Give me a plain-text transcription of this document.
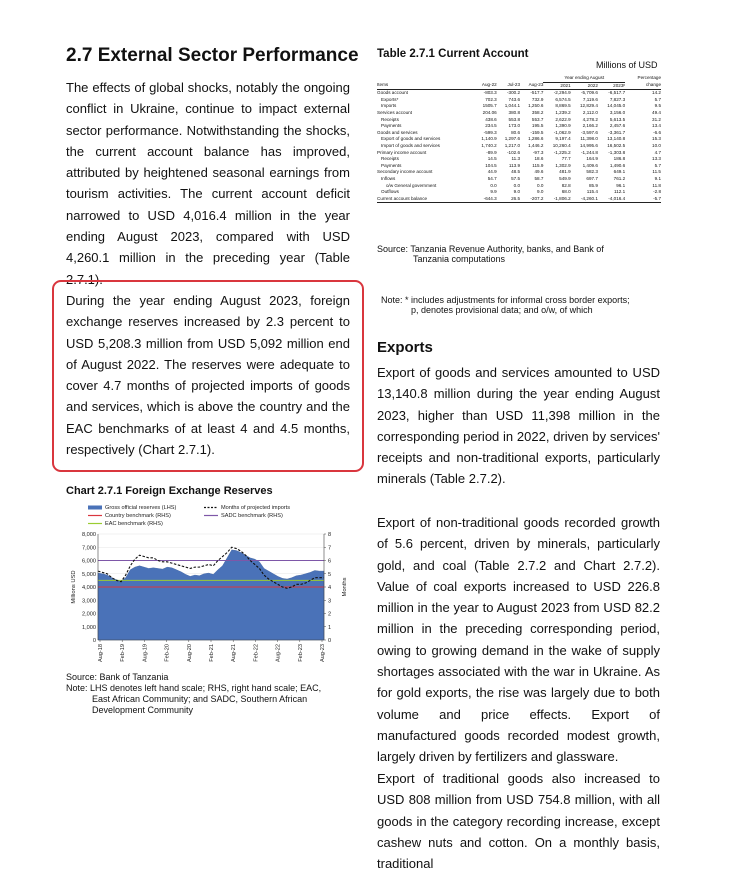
2.7 External Sector Performance

The effects of global shocks, notably the ongoing conflict in Ukraine, continue to impact external sector performance. Notwithstanding the shocks, the current account balance has improved, attributed by heightened seasonal earnings from tourism activities. The current account deficit narrowed to USD 4,016.4 million in the year ending August 2023, compared with USD 4,260.1 million in the preceding year (Table 2.7.1).

During the year ending August 2023, foreign exchange reserves increased by 2.3 percent to USD 5,208.3 million from USD 5,092 million end of August 2022. The reserves were adequate to cover 4.7 months of projected imports of goods and services, which is above the country and the EAC benchmarks of at least 4 and 4.5 months, respectively (Chart 2.7.1).

Chart 2.7.1 Foreign Exchange Reserves
Gross official reserves (LHS)	Months of projected imports
Country benchmark (RHS)	SADC benchmark (RHS)
EAC benchmark (RHS)
0
1,000
2,000
3,000
4,000
5,000
6,000
7,000
8,000
0
1
2
3
4
5
6
7
8
Aug-18	Feb-19	Aug-19	Feb-20	Aug-20	Feb-21	Aug-21	Feb-22	Aug-22	Feb-23	Aug-23
Millions USD	Months
Source: Bank of Tanzania
Note: LHS denotes left hand scale; RHS, right hand scale; EAC,
East African Community; and SADC, Southern African
Development Community
Table 2.7.1 Current Account
Millions of USD
				Year ending August			Percentage
Items	Aug-22	Jul-23	Aug-23	2021	2022	2023ᵖ	change
Goods account	-803.3	-300.2	-517.7	-2,294.9	-5,709.6	-6,517.7	14.2
Exports*	702.3	743.6	732.9	6,574.5	7,119.6	7,827.3	5.7
Imports	1505.7	1,044.1	1,250.6	8,869.5	12,829.4	14,045.0	9.5
Services account	204.06	380.8	358.2	1,239.2	2,112.0	3,156.0	49.4
Receipts	438.6	553.8	553.7	2,622.9	4,278.2	5,613.5	31.2
Payments	234.5	173.0	195.5	1,390.9	2,166.2	2,457.6	13.4
Goods and services	-599.3	80.6	-159.5	-1,062.9	-3,597.6	-3,361.7	-6.6
Export of goods and services	1,140.9	1,297.6	1,286.6	9,197.4	11,398.0	13,140.8	15.3
Import of goods and services	1,740.2	1,217.0	1,446.2	10,260.4	14,995.6	16,502.5	10.0
Primary income account	-89.9	-102.6	-97.3	-1,225.2	-1,244.8	-1,303.8	4.7
Receipts	14.5	11.3	18.6	77.7	164.9	186.8	13.3
Payments	104.5	113.9	115.9	1,302.9	1,409.6	1,490.6	5.7
Secondary income account	44.9	48.5	49.6	481.9	582.3	649.1	11.5
Inflows	54.7	57.5	58.7	549.9	697.7	761.2	9.1
o/w General government	0.0	0.0	0.0	82.8	85.9	96.1	11.8
Outflows	9.9	9.0	9.0	68.0	115.4	112.1	-2.8
Current account balance	-644.3	26.5	-207.2	-1,806.2	-4,260.1	-4,016.4	-5.7
Source: Tanzania Revenue Authority, banks, and Bank of
Tanzania computations
Note: * includes adjustments for informal cross border exports;
p, denotes provisional data; and o/w, of which
Exports

Export of goods and services amounted to USD 13,140.8 million during the year ending August 2023, higher than USD 11,398 million in the corresponding period in 2022, driven by services' receipts and non-traditional exports, particularly minerals (Table 2.7.2).

Export of non-traditional goods recorded growth of 5.6 percent, driven by minerals, particularly gold, and coal (Table 2.7.2 and Chart 2.7.2). Value of coal exports increased to USD 226.8 million in the year to August 2023 from USD 82.2 million in the preceding corresponding period, owing to growing demand in the wake of supply shortages associated with the war in Ukraine. As for gold exports, the rise was largely due to both volume and price effects. Export of manufactured goods recorded modest growth, largely driven by fertilizers and glassware.

Export of traditional goods also increased to USD 808 million from USD 754.8 million, with all goods in the category recording increase, except cashew nuts and cotton. On a monthly basis, traditional
